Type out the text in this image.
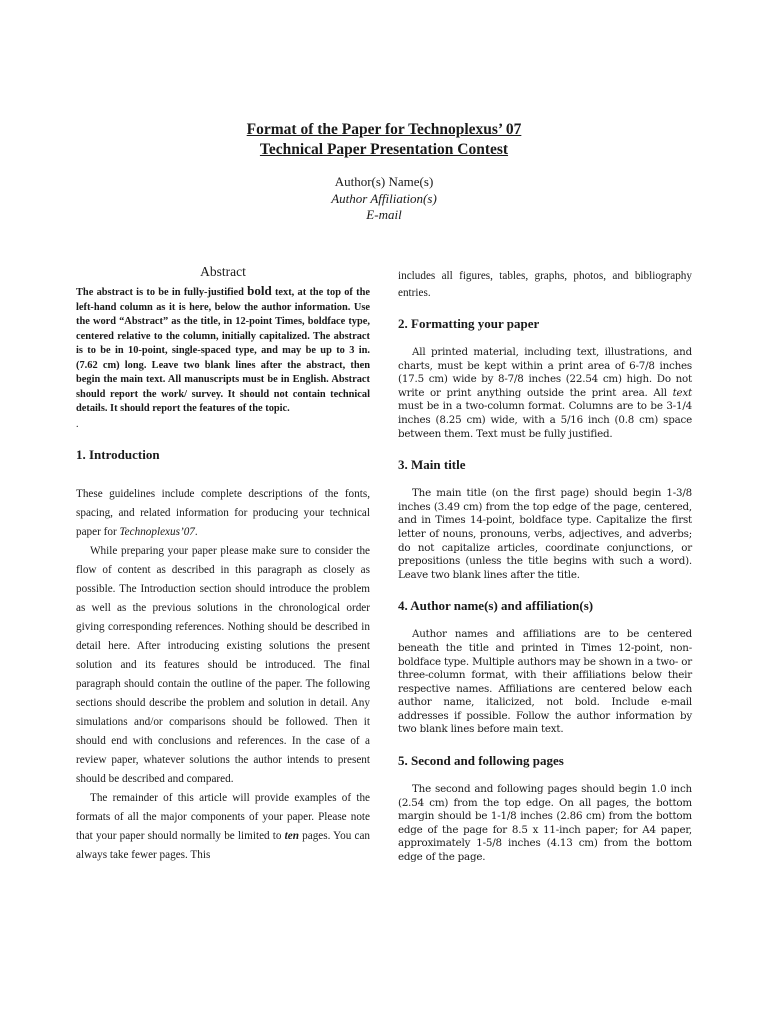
Format of the Paper for Technoplexus’ 07
Technical Paper Presentation Contest
Author(s) Name(s)
Author Affiliation(s)
E-mail
Abstract

The abstract is to be in fully-justified bold text, at the top of the left-hand column as it is here, below the author information. Use the word “Abstract” as the title, in 12-point Times, boldface type, centered relative to the column, initially capitalized. The abstract is to be in 10-point, single-spaced type, and may be up to 3 in. (7.62 cm) long. Leave two blank lines after the abstract, then begin the main text. All manuscripts must be in English. Abstract should report the work/ survey. It should not contain technical details. It should report the features of the topic.

.

1. Introduction

These guidelines include complete descriptions of the fonts, spacing, and related information for producing your technical paper for Technoplexus’07.

While preparing your paper please make sure to consider the flow of content as described in this paragraph as closely as possible. The Introduction section should introduce the problem as well as the previous solutions in the chronological order giving corresponding references. Nothing should be described in detail here. After introducing existing solutions the present solution and its features should be introduced. The final paragraph should contain the outline of the paper. The following sections should describe the problem and solution in detail. Any simulations and/or comparisons should be followed. Then it should end with conclusions and references. In the case of a review paper, whatever solutions the author intends to present should be described and compared.

The remainder of this article will provide examples of the formats of all the major components of your paper. Please note that your paper should normally be limited to ten pages. You can always take fewer pages. This

includes all figures, tables, graphs, photos, and bibliography entries.

2. Formatting your paper

All printed material, including text, illustrations, and charts, must be kept within a print area of 6-7/8 inches (17.5 cm) wide by 8-7/8 inches (22.54 cm) high. Do not write or print anything outside the print area. All text must be in a two-column format. Columns are to be 3-1/4 inches (8.25 cm) wide, with a 5/16 inch (0.8 cm) space between them. Text must be fully justified.

3. Main title

The main title (on the first page) should begin 1-3/8 inches (3.49 cm) from the top edge of the page, centered, and in Times 14-point, boldface type. Capitalize the first letter of nouns, pronouns, verbs, adjectives, and adverbs; do not capitalize articles, coordinate conjunctions, or prepositions (unless the title begins with such a word). Leave two blank lines after the title.

4. Author name(s) and affiliation(s)

Author names and affiliations are to be centered beneath the title and printed in Times 12-point, non-boldface type. Multiple authors may be shown in a two- or three-column format, with their affiliations below their respective names. Affiliations are centered below each author name, italicized, not bold. Include e-mail addresses if possible. Follow the author information by two blank lines before main text.

5. Second and following pages

The second and following pages should begin 1.0 inch (2.54 cm) from the top edge. On all pages, the bottom margin should be 1-1/8 inches (2.86 cm) from the bottom edge of the page for 8.5 x 11-inch paper; for A4 paper, approximately 1-5/8 inches (4.13 cm) from the bottom edge of the page.
